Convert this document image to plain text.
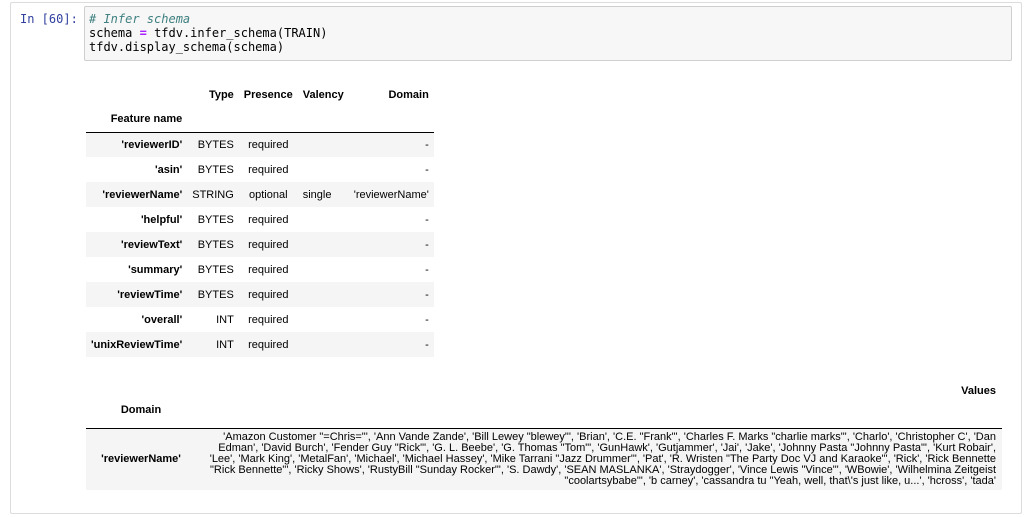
In [60]: # Infer schema
schema = tfdv.infer_schema(TRAIN)
tfdv.display_schema(schema)
	Type	Presence	Valency	Domain
Feature name				
'reviewerID'	BYTES	required		-
'asin'	BYTES	required		-
'reviewerName'	STRING	optional	single	'reviewerName'
'helpful'	BYTES	required		-
'reviewText'	BYTES	required		-
'summary'	BYTES	required		-
'reviewTime'	BYTES	required		-
'overall'	INT	required		-
'unixReviewTime'	INT	required		-
	Values
Domain	
'reviewerName'	'Amazon Customer "=Chris="', 'Ann Vande Zande', 'Bill Lewey "blewey"', 'Brian', 'C.E. "Frank"', 'Charles F. Marks "charlie marks"', 'Charlo', 'Christopher C', 'Dan Edman', 'David Burch', 'Fender Guy "Rick"', 'G. L. Beebe', 'G. Thomas "Tom"', 'GunHawk', 'Gutjammer', 'Jai', 'Jake', 'Johnny Pasta "Johnny Pasta"', 'Kurt Robair', 'Lee', 'Mark King', 'MetalFan', 'Michael', 'Michael Hassey', 'Mike Tarrani "Jazz Drummer"', 'Pat', 'R. Wristen "The Party Doc VJ and Karaoke"', 'Rick', 'Rick Bennette "Rick Bennette"', 'Ricky Shows', 'RustyBill "Sunday Rocker"', 'S. Dawdy', 'SEAN MASLANKA', 'Straydogger', 'Vince Lewis "Vince"', 'WBowie', 'Wilhelmina Zeitgeist "coolartsybabe"', 'b carney', 'cassandra tu "Yeah, well, that\'s just like, u...', 'hcross', 'tada'
